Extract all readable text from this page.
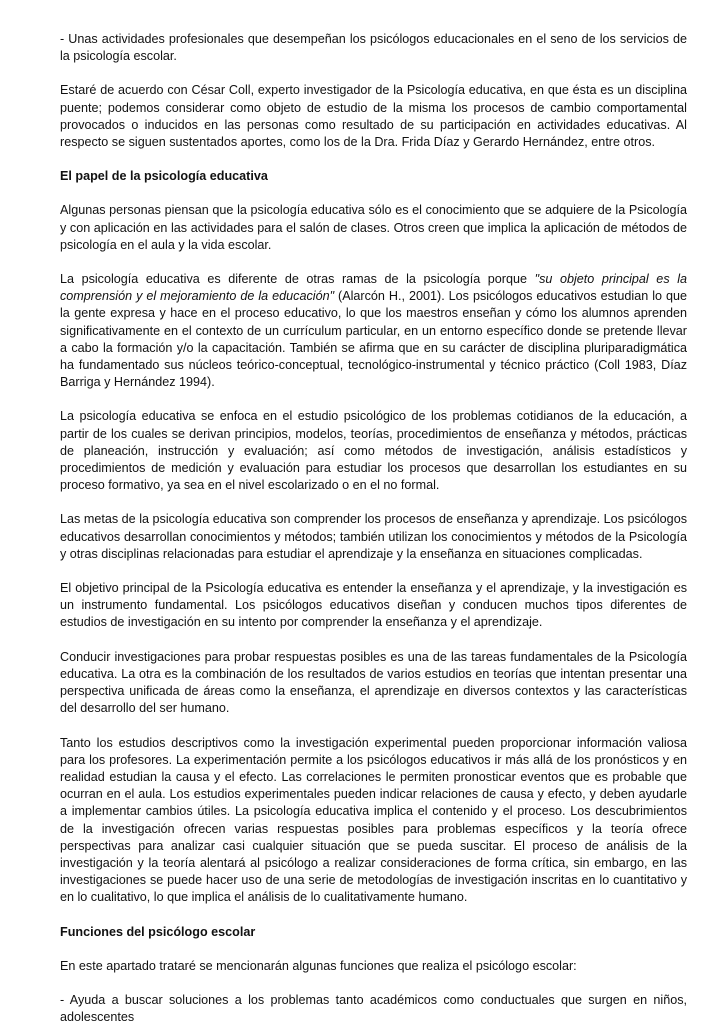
- Unas actividades profesionales que desempeñan los psicólogos educacionales en el seno de los servicios de la psicología escolar.

Estaré de acuerdo con César Coll, experto investigador de la Psicología educativa, en que ésta es un disciplina puente; podemos considerar como objeto de estudio de la misma los procesos de cambio comportamental provocados o inducidos en las personas como resultado de su participación en actividades educativas. Al respecto se siguen sustentados aportes, como los de la Dra. Frida Díaz y Gerardo Hernández, entre otros.

El papel de la psicología educativa

Algunas personas piensan que la psicología educativa sólo es el conocimiento que se adquiere de la Psicología y con aplicación en las actividades para el salón de clases. Otros creen que implica la aplicación de métodos de psicología en el aula y la vida escolar.

La psicología educativa es diferente de otras ramas de la psicología porque "su objeto principal es la comprensión y el mejoramiento de la educación" (Alarcón H., 2001). Los psicólogos educativos estudian lo que la gente expresa y hace en el proceso educativo, lo que los maestros enseñan y cómo los alumnos aprenden significativamente en el contexto de un currículum particular, en un entorno específico donde se pretende llevar a cabo la formación y/o la capacitación. También se afirma que en su carácter de disciplina pluriparadigmática ha fundamentado sus núcleos teórico-conceptual, tecnológico-instrumental y técnico práctico (Coll 1983, Díaz Barriga y Hernández 1994).

La psicología educativa se enfoca en el estudio psicológico de los problemas cotidianos de la educación, a partir de los cuales se derivan principios, modelos, teorías, procedimientos de enseñanza y métodos, prácticas de planeación, instrucción y evaluación; así como métodos de investigación, análisis estadísticos y procedimientos de medición y evaluación para estudiar los procesos que desarrollan los estudiantes en su proceso formativo, ya sea en el nivel escolarizado o en el no formal.

Las metas de la psicología educativa son comprender los procesos de enseñanza y aprendizaje. Los psicólogos educativos desarrollan conocimientos y métodos; también utilizan los conocimientos y métodos de la Psicología y otras disciplinas relacionadas para estudiar el aprendizaje y la enseñanza en situaciones complicadas.

El objetivo principal de la Psicología educativa es entender la enseñanza y el aprendizaje, y la investigación es un instrumento fundamental. Los psicólogos educativos diseñan y conducen muchos tipos diferentes de estudios de investigación en su intento por comprender la enseñanza y el aprendizaje.

Conducir investigaciones para probar respuestas posibles es una de las tareas fundamentales de la Psicología educativa. La otra es la combinación de los resultados de varios estudios en teorías que intentan presentar una perspectiva unificada de áreas como la enseñanza, el aprendizaje en diversos contextos y las características del desarrollo del ser humano.

Tanto los estudios descriptivos como la investigación experimental pueden proporcionar información valiosa para los profesores. La experimentación permite a los psicólogos educativos ir más allá de los pronósticos y en realidad estudian la causa y el efecto. Las correlaciones le permiten pronosticar eventos que es probable que ocurran en el aula. Los estudios experimentales pueden indicar relaciones de causa y efecto, y deben ayudarle a implementar cambios útiles. La psicología educativa implica el contenido y el proceso. Los descubrimientos de la investigación ofrecen varias respuestas posibles para problemas específicos y la teoría ofrece perspectivas para analizar casi cualquier situación que se pueda suscitar. El proceso de análisis de la investigación y la teoría alentará al psicólogo a realizar consideraciones de forma crítica, sin embargo, en las investigaciones se puede hacer uso de una serie de metodologías de investigación inscritas en lo cuantitativo y en lo cualitativo, lo que implica el análisis de lo cualitativamente humano.

Funciones del psicólogo escolar

En este apartado trataré se mencionarán algunas funciones que realiza el psicólogo escolar:

- Ayuda a buscar soluciones a los problemas tanto académicos como conductuales que surgen en niños, adolescentes
